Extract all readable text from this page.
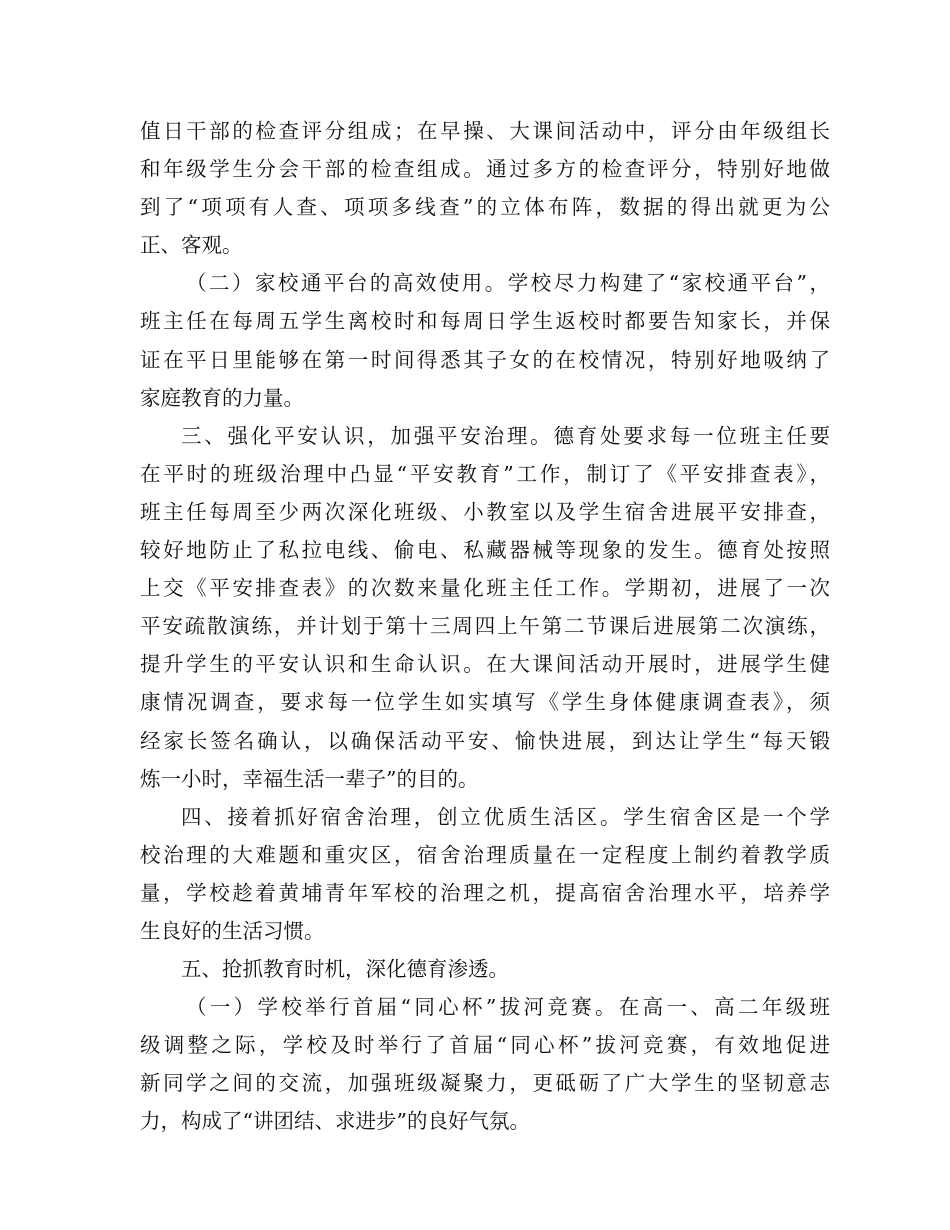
值日干部的检查评分组成；在早操、大课间活动中，评分由年级组长
和年级学生分会干部的检查组成。通过多方的检查评分，特别好地做
到了“项项有人查、项项多线查”的立体布阵，数据的得出就更为公
正、客观。
（二）家校通平台的高效使用。学校尽力构建了“家校通平台”，
班主任在每周五学生离校时和每周日学生返校时都要告知家长，并保
证在平日里能够在第一时间得悉其子女的在校情况，特别好地吸纳了
家庭教育的力量。
三、强化平安认识，加强平安治理。德育处要求每一位班主任要
在平时的班级治理中凸显“平安教育”工作，制订了《平安排查表》，
班主任每周至少两次深化班级、小教室以及学生宿舍进展平安排查，
较好地防止了私拉电线、偷电、私藏器械等现象的发生。德育处按照
上交《平安排查表》的次数来量化班主任工作。学期初，进展了一次
平安疏散演练，并计划于第十三周四上午第二节课后进展第二次演练，
提升学生的平安认识和生命认识。在大课间活动开展时，进展学生健
康情况调查，要求每一位学生如实填写《学生身体健康调查表》，须
经家长签名确认，以确保活动平安、愉快进展，到达让学生“每天锻
炼一小时，幸福生活一辈子”的目的。
四、接着抓好宿舍治理，创立优质生活区。学生宿舍区是一个学
校治理的大难题和重灾区，宿舍治理质量在一定程度上制约着教学质
量，学校趁着黄埔青年军校的治理之机，提高宿舍治理水平，培养学
生良好的生活习惯。
五、抢抓教育时机，深化德育渗透。
（一）学校举行首届“同心杯”拔河竞赛。在高一、高二年级班
级调整之际，学校及时举行了首届“同心杯”拔河竞赛，有效地促进
新同学之间的交流，加强班级凝聚力，更砥砺了广大学生的坚韧意志
力，构成了“讲团结、求进步”的良好气氛。
